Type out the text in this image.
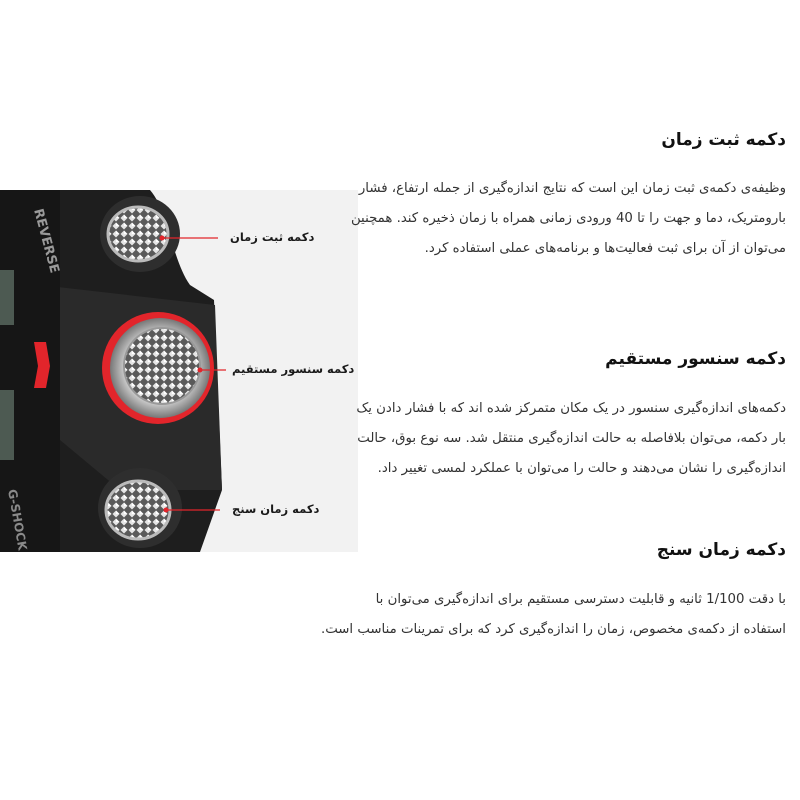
REVERSE
G-SHOCK
دکمه ثبت زمان
دکمه سنسور مستقیم
دکمه زمان سنج
دکمه ثبت زمان

وظیفه‌ی دکمه‌ی ثبت زمان این است که نتایج اندازه‌گیری از جمله ارتفاع، فشار

بارومتریک، دما و جهت را تا 40 ورودی زمانی همراه با زمان ذخیره کند. همچنین

می‌توان از آن برای ثبت فعالیت‌ها و برنامه‌های عملی استفاده کرد.

دکمه سنسور مستقیم

دکمه‌های اندازه‌گیری سنسور در یک مکان متمرکز شده اند که با فشار دادن یک

بار دکمه، می‌توان بلافاصله به حالت اندازه‌گیری منتقل شد. سه نوع بوق، حالت

اندازه‌گیری را نشان می‌دهند و حالت را می‌توان با عملکرد لمسی تغییر داد.

دکمه زمان سنج

با دقت 1/100 ثانیه و قابلیت دسترسی مستقیم برای اندازه‌گیری می‌توان با

استفاده از دکمه‌ی مخصوص، زمان را اندازه‌گیری کرد که برای تمرینات مناسب است.
